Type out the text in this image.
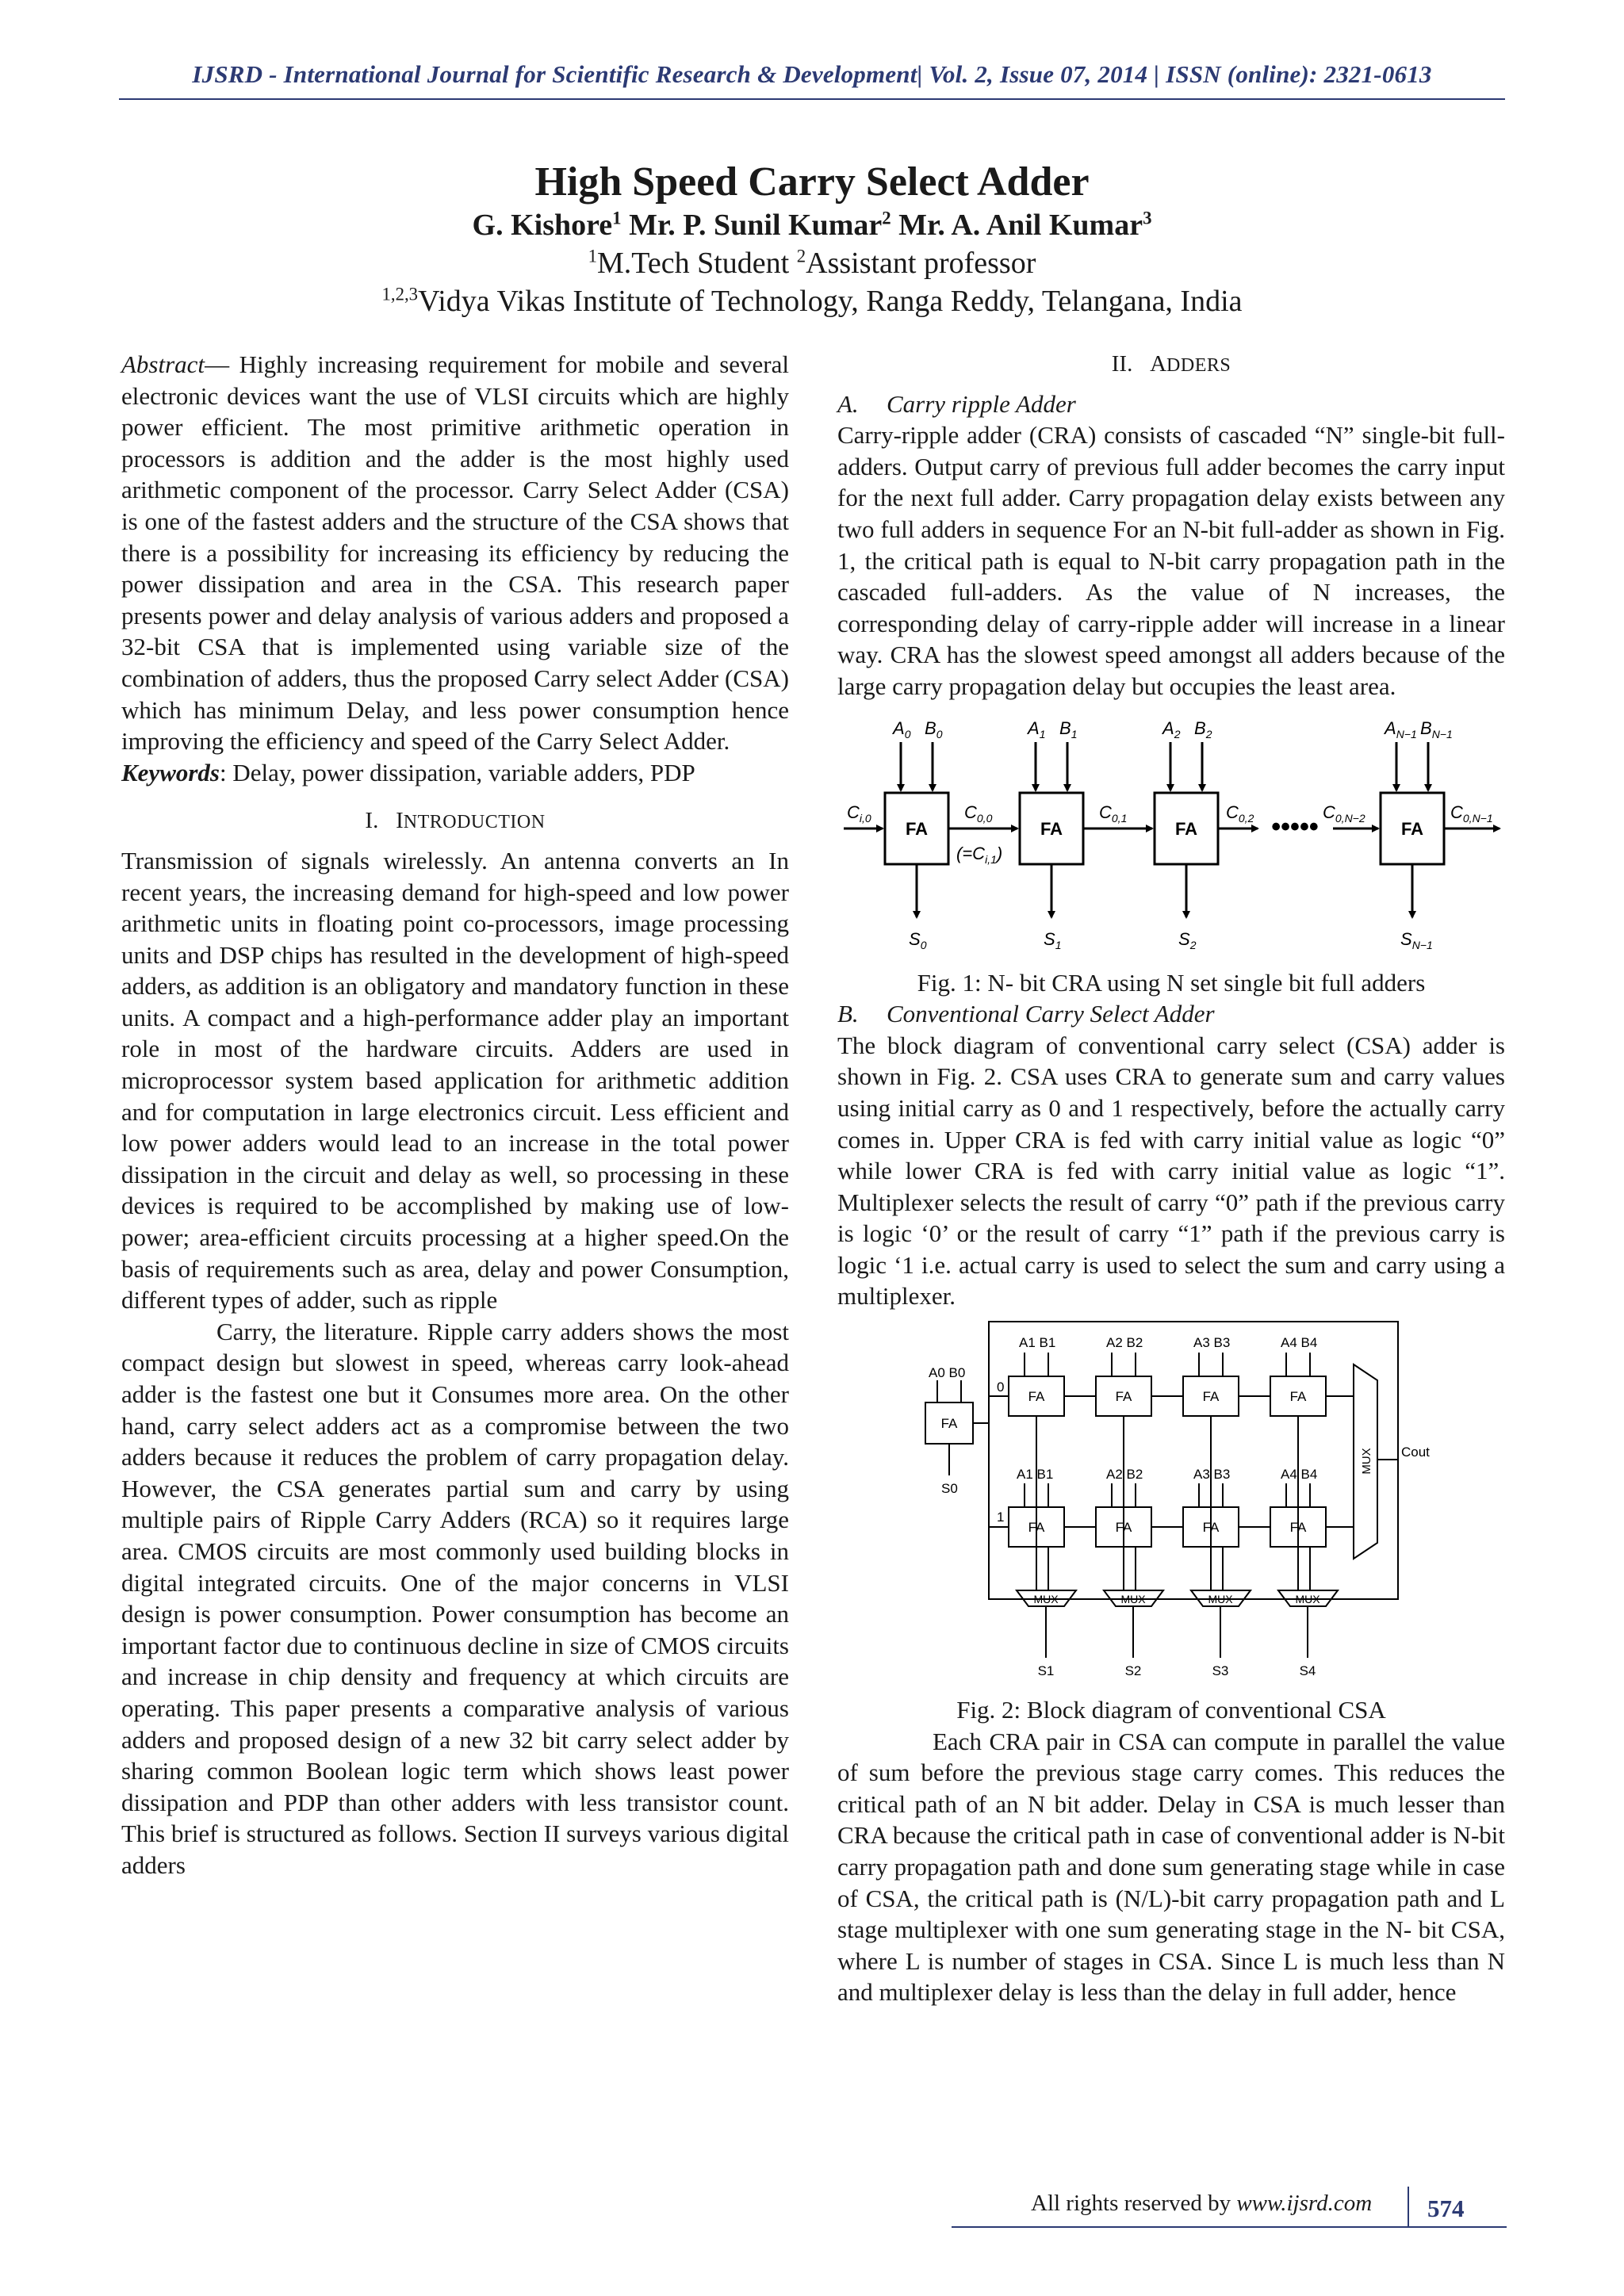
IJSRD - International Journal for Scientific Research & Development| Vol. 2, Issue 07, 2014 | ISSN (online): 2321-0613
High Speed Carry Select Adder
G. Kishore$^1$ Mr. P. Sunil Kumar$^2$ Mr. A. Anil Kumar$^3$
$^1$M.Tech Student $^2$Assistant professor
$^{1,2,3}$Vidya Vikas Institute of Technology, Ranga Reddy, Telangana, India

Abstract— Highly increasing requirement for mobile and several electronic devices want the use of VLSI circuits which are highly power efficient. The most primitive arithmetic operation in processors is addition and the adder is the most highly used arithmetic component of the processor. Carry Select Adder (CSA) is one of the fastest adders and the structure of the CSA shows that there is a possibility for increasing its efficiency by reducing the power dissipation and area in the CSA. This research paper presents power and delay analysis of various adders and proposed a 32-bit CSA that is implemented using variable size of the combination of adders, thus the proposed Carry select Adder (CSA) which has minimum Delay, and less power consumption hence improving the efficiency and speed of the Carry Select Adder.

Keywords: Delay, power dissipation, variable adders, PDP

I. INTRODUCTION

Transmission of signals wirelessly. An antenna converts an In recent years, the increasing demand for high-speed and low power arithmetic units in floating point co-processors, image processing units and DSP chips has resulted in the development of high-speed adders, as addition is an obligatory and mandatory function in these units. A compact and a high-performance adder play an important role in most of the hardware circuits. Adders are used in microprocessor system based application for arithmetic addition and for computation in large electronics circuit. Less efficient and low power adders would lead to an increase in the total power dissipation in the circuit and delay as well, so processing in these devices is required to be accomplished by making use of low-power; area-efficient circuits processing at a higher speed.On the basis of requirements such as area, delay and power Consumption, different types of adder, such as ripple

Carry, the literature. Ripple carry adders shows the most compact design but slowest in speed, whereas carry look-ahead adder is the fastest one but it Consumes more area. On the other hand, carry select adders act as a compromise between the two adders because it reduces the problem of carry propagation delay. However, the CSA generates partial sum and carry by using multiple pairs of Ripple Carry Adders (RCA) so it requires large area. CMOS circuits are most commonly used building blocks in digital integrated circuits. One of the major concerns in VLSI design is power consumption. Power consumption has become an important factor due to continuous decline in size of CMOS circuits and increase in chip density and frequency at which circuits are operating. This paper presents a comparative analysis of various adders and proposed design of a new 32 bit carry select adder by sharing common Boolean logic term which shows least power dissipation and PDP than other adders with less transistor count. This brief is structured as follows. Section II surveys various digital adders

II. ADDERS
A. Carry ripple Adder

Carry-ripple adder (CRA) consists of cascaded “N” single-bit full-adders. Output carry of previous full adder becomes the carry input for the next full adder. Carry propagation delay exists between any two full adders in sequence For an N-bit full-adder as shown in Fig. 1, the critical path is equal to N-bit carry propagation path in the cascaded full-adders. As the value of N increases, the corresponding delay of carry-ripple adder will increase in a linear way. CRA has the slowest speed amongst all adders because of the large carry propagation delay but occupies the least area.

FA	FA	FA	FA
•••••
$A_0$ $B_0$	$A_1$ $B_1$	$A_2$ $B_2$	$A_{N-1}$ $B_{N-1}$
$C_{i,0}$	$C_{0,0}$	$C_{0,1}$	$C_{0,2}$	$C_{0,N-2}$	$C_{0,N-1}$
$(=C_{i,1})$
$S_0$	$S_1$	$S_2$	$S_{N-1}$

Fig. 1: N- bit CRA using N set single bit full adders

B. Conventional Carry Select Adder

The block diagram of conventional carry select (CSA) adder is shown in Fig. 2. CSA uses CRA to generate sum and carry values using initial carry as 0 and 1 respectively, before the actually carry comes in. Upper CRA is fed with carry initial value as logic “0” while lower CRA is fed with carry initial value as logic “1”. Multiplexer selects the result of carry “0” path if the previous carry is logic ‘0’ or the result of carry “1” path if the previous carry is logic ‘1 i.e. actual carry is used to select the sum and carry using a multiplexer.

A0 B0
FA
S0
0
1
A1 B1	A2 B2	A3 B3	A4 B4
A1 B1	A2 B2	A3 B3	A4 B4
FA	FA	FA	FA
FA	FA	FA	FA
MUX Cout
MUX	MUX	MUX	MUX
S1	S2	S3	S4

Fig. 2: Block diagram of conventional CSA

Each CRA pair in CSA can compute in parallel the value of sum before the previous stage carry comes. This reduces the critical path of an N bit adder. Delay in CSA is much lesser than CRA because the critical path in case of conventional adder is N-bit carry propagation path and done sum generating stage while in case of CSA, the critical path is (N/L)-bit carry propagation path and L stage multiplexer with one sum generating stage in the N- bit CSA, where L is number of stages in CSA. Since L is much less than N and multiplexer delay is less than the delay in full adder, hence

All rights reserved by www.ijsrd.com 574
